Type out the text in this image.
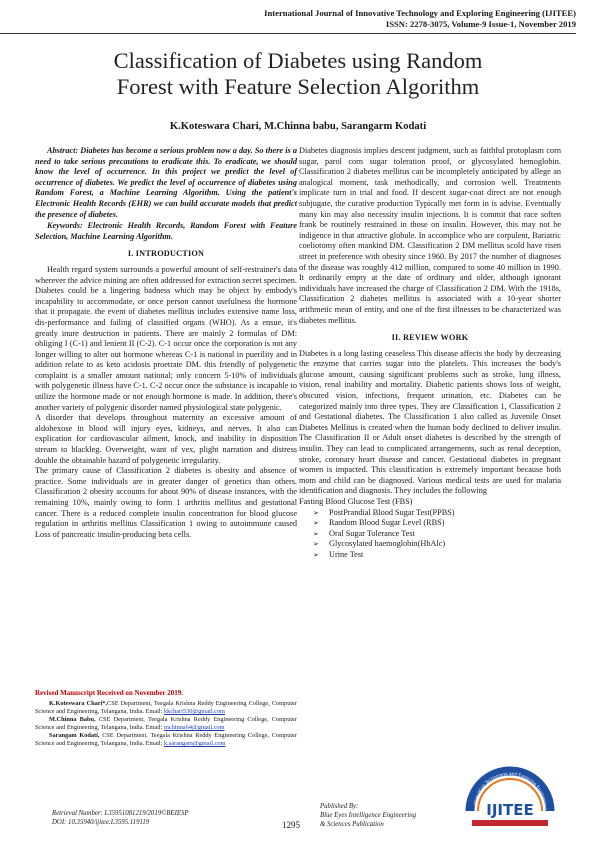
International Journal of Innovative Technology and Exploring Engineering (IJITEE)
ISSN: 2278-3075, Volume-9 Issue-1, November 2019
Classification of Diabetes using Random
Forest with Feature Selection Algorithm
K.Koteswara Chari, M.Chinna babu, Sarangarm Kodati

Abstract: Diabetes has become a serious problem now a day. So there is a need to take serious precautions to eradicate this. To eradicate, we should know the level of occurrence. In this project we predict the level of occurrence of diabetes. We predict the level of occurrence of diabetes using Random Forest, a Machine Learning Algorithm. Using the patient's Electronic Health Records (EHR) we can build accurate models that predict the presence of diabetes.

Keywords: Electronic Health Records, Random Forest with Feature Selection, Machine Learning Algorithm.

I. INTRODUCTION

Health regard system surrounds a powerful amount of self-restrainer's data wherever the advice mining are often addressed for extraction secret specimen. Diabetes could be a lingering badness which may be object by embody's incapability to accommodate, or once person cannot usefulness the hormone that it propagate. the event of diabetes mellitus includes extensive name loss, dis-performance and failing of classified organs (WHO). As a ensue, it's greatly inure destruction in patients. There are mainly 2 formulas of DM: obliging I (C-1) and lenient II (C-2). C-1 occur once the corporation is not any longer willing to alter out hormone whereas C-1 is national in puerility and in addition relate to as keto acidosis proetrate DM. this friendly of polygenetic complaint is a smaller amount national; only concern 5-10% of individuals with polygenetic illness have C-1. C-2 occur once the substance is incapable to utilize the hormone made or not enough hormone is made. In addition, there's another variety of polygenic disorder named physiological state polygenic.

A disorder that develops throughout maternity an excessive amount of aldohexose in blood will injury eyes, kidneys, and nerves. It also can explication for cardiovascular ailment, knock, and inability in disposition stream to blackleg. Overweight, want of vex, plight narration and distress double the obtainable hazard of polygenetic irregularity.

The primary cause of Classification 2 diabetes is obesity and absence of practice. Some individuals are in greater danger of genetics than others. Classification 2 obesity accounts for about 90% of disease instances, with the remaining 10%, mainly owing to form 1 arthritis mellitus and gestational cancer. There is a reduced complete insulin concentration for blood glucose regulation in arthritis mellitus Classification 1 owing to autoimmune caused Loss of pancreatic insulin-producing beta cells.

Diabetes diagnosis implies descent judgment, such as faithful protoplasm corn sugar, parol corn sugar toleration proof, or glycosylated hemoglobin. Classification 2 diabetes mellitus can be incompletely anticipated by allege an analogical moment, task methodically, and corrosion well. Treatments implicate turn in trial and food. If descent sugar-coat direct are not enough subjugate, the curative production Typically met form in is advise. Eventually many kin may also necessity insulin injections. It is commit that race soften frank be routinely restrained in those on insulin. However, this may not be indigence in that attractive globule. In accomplice who are corpulent, Bariatric coeliotomy often mankind DM. Classification 2 DM mellitus scold have risen street in preference with obesity since 1960. By 2017 the number of diagnoses of the disease was roughly 412 million, compared to some 40 million in 1990. It ordinarily empty at the date of ordinary and older, although ignorant individuals have increased the charge of Classification 2 DM. With the 1918s, Classification 2 diabetes mellitus is associated with a 10-year shorter arithmetic mean of entity, and one of the first illnesses to be characterized was diabetes mellitus.

II. REVIEW WORK

Diabetes is a long lasting ceaseless This disease affects the body by decreasing the enzyme that carries sugar into the platelets. This increases the body's glucose amount, causing significant problems such as stroke, lung illness, vision, renal inability and mortality. Diabetic patients shows loss of weight, obscured vision, infections, frequent urination, etc. Diabetes can be categorized mainly into three types. They are Classification 1, Classification 2 and Gestational diabetes. The Classification 1 also called as Juvenile Onset Diabetes Mellitus is created when the human body declined to deliver insulin. The Classification II or Adult onset diabetes is described by the strength of insulin. They can lead to complicated arrangements, such as renal deception, stroke, coronary heart disease and cancer. Gestational diabetes in pregnant women is impacted. This classification is extremely important because both mom and child can be diagnosed. Various medical tests are used for malaria identification and diagnosis. They includes the following

Fasting Blood Glucose Test (FBS)

➢ PostPrandial Blood Sugar Test(PPBS)
➢ Random Blood Sugar Level (RBS)
➢ Oral Sugar Tolerance Test
➢ Glycosylated haemoglobin(HbAlc)
➢ Urine Test
Revised Manuscript Received on November 2019.

K.Koteswara Chari*,CSE Department, Teegala Krishna Reddy Engineering College, Computer Science and Engineering, Telangana, India. Email: kkchari530@gmail.com

M.Chinna Babu, CSE Department, Teegala Krishna Reddy Engineering College, Computer Science and Engineering, Telangana, India. Email: mchinna64@gmail.com

Sarangam Kodati, CSE Department, Teegala Krishna Reddy Engineering College, Computer Science and Engineering, Telangana, India. Email: k.sarangam@gmail.com

Retrieval Number: L35951081219/2019©BEIESP
DOI: 10.35940/ijitee.L3595.119119	1295
Published By:
Blue Eyes Intelligence Engineering
& Sciences Publication
Innovative Technology and Exploring Engineering
IJITEE
